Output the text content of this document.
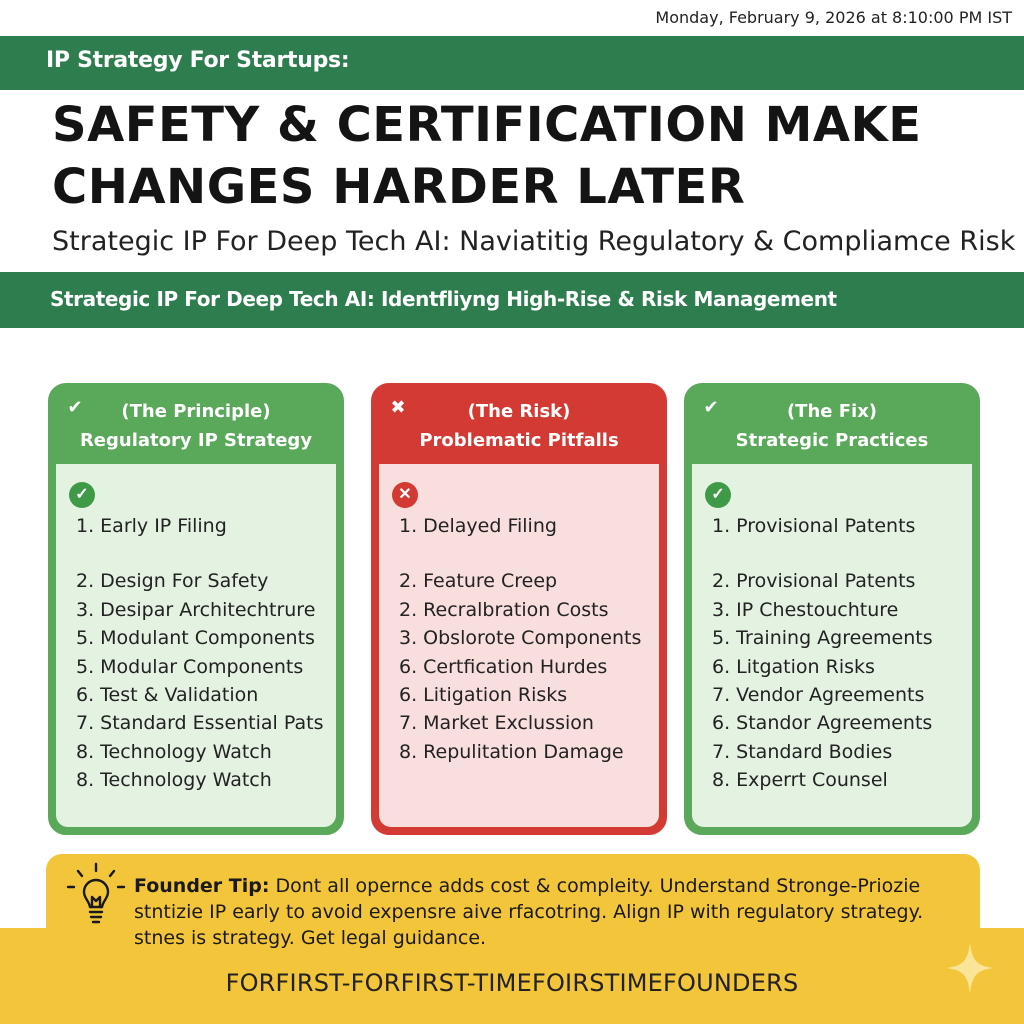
Monday, February 9, 2026 at 8:10:00 PM IST
IP Strategy For Startups:
SAFETY & CERTIFICATION MAKE
CHANGES HARDER LATER
Strategic IP For Deep Tech AI: Naviatitig Regulatory & Compliamce Risk
Strategic IP For Deep Tech AI: Identfliyng High-Rise & Risk Management
✔	(The Principle)
Regulatory IP Strategy
✓
1. Early IP Filing
2. Design For Safety
3. Desipar Architechtrure
5. Modulant Components
5. Modular Components
6. Test & Validation
7. Standard Essential Pats
8. Technology Watch
8. Technology Watch
✖	(The Risk)
Problematic Pitfalls
✕
1. Delayed Filing
2. Feature Creep
2. Recralbration Costs
3. Obslorote Components
6. Certfication Hurdes
6. Litigation Risks
7. Market Exclussion
8. Repulitation Damage
✔	(The Fix)
Strategic Practices
✓
1. Provisional Patents
2. Provisional Patents
3. IP Chestouchture
5. Training Agreements
6. Litgation Risks
7. Vendor Agreements
6. Standor Agreements
7. Standard Bodies
8. Experrt Counsel
Founder Tip: Dont all opernce adds cost & compleity. Understand Stronge-Priozie stntizie IP early to avoid expensre aive rfacotring. Align IP with regulatory strategy. stnes is strategy. Get legal guidance.
FORFIRST-FORFIRST-TIMEFOIRSTIMEFOUNDERS
